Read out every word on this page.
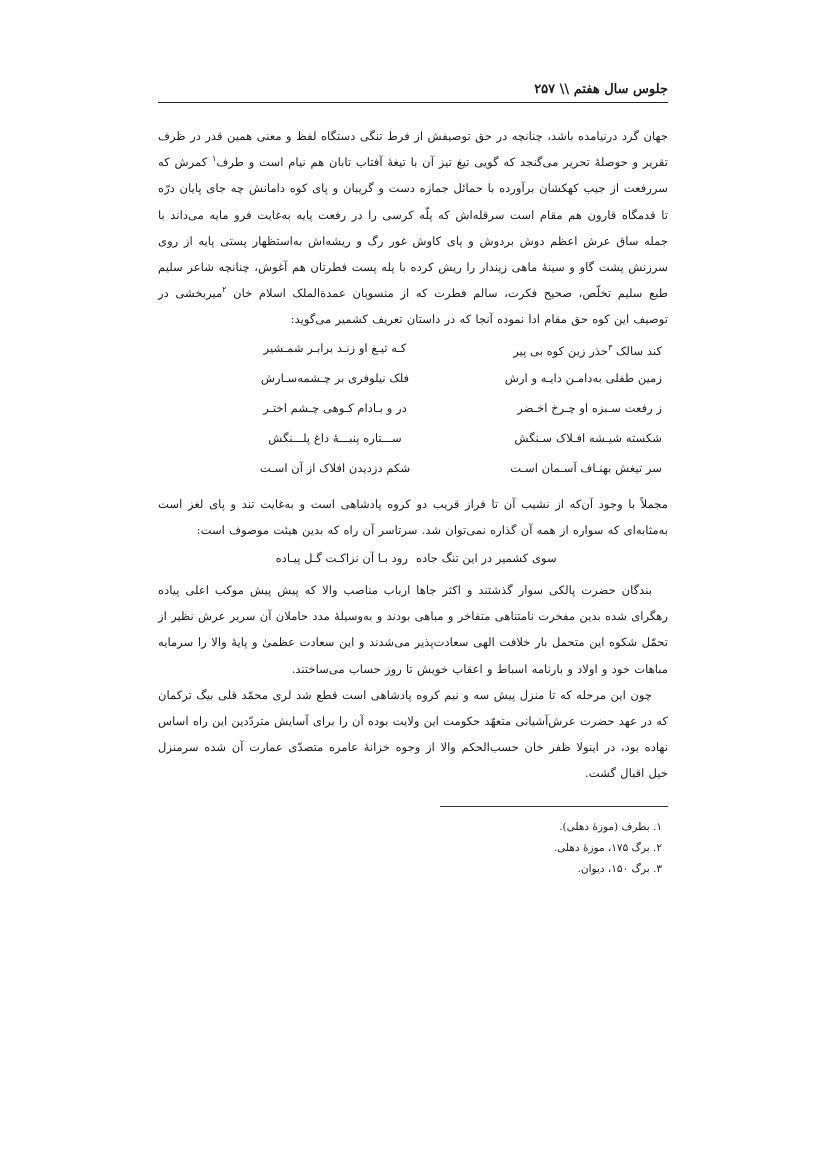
جلوس سال هفتم \\ ۲۵۷

جهان گرد درنیامده باشد، چنانچه در حق توصیفش از فرط تنگی دستگاه لفظ و معنی همین قدر در ظرف تقریر و حوصلهٔ تحریر می‌گنجد که گویی تیغ تیز آن با تیغهٔ آفتاب تابان هم نیام است و طرف$^۱$ کمرش که سررفعت از جیب کهکشان برآورده با حمائل جمازه دست و گریبان و پای کوه دامانش چه جای پایان درّه تا قدمگاه قارون هم مقام است سرقله‌اش که پلّه کرسی را در رفعت پایه به‌غایت فرو مایه می‌داند با جمله ساق عرش اعظم دوش بردوش و پای کاوش غور رگ و ریشه‌اش به‌استظهار پستی پایه از روی سرزنش پشت گاو و سینهٔ ماهی زیندار را ریش کرده با پله پست فطرتان هم آغوش، چنانچه شاعر سلیم طبع سلیم تخلّص، صحیح فکرت، سالم فطرت که از منسوبان عمدةالملک اسلام خان $^۲$میربخشی در توصیف این کوه حق مقام ادا نموده آنجا که در داستان تعریف کشمیر می‌گوید:

کند سالک $^۳$حذر زین کوه بی پیر
کـه تیـغ او زنـد برابـر شمـشیر
زمین طفلی به‌دامـن دایـه و ارش
فلک نیلوفری بر چـشمه‌سـارش
ز رفعت سـبزه او چـرخ اخـضر
در و بـادام کـوهی چـشم اختـر
شکسته شیـشه افـلاک سـنگش
ســـتاره پنبـــهٔ داغ پلـــنگش
سر تیغش بهنـاف آسـمان اسـت
شکم دزدیدن افلاک از آن اسـت

مجملاً با وجود آن‌که از نشیب آن تا فراز قریب دو کروه پادشاهی است و به‌غایت تند و پای لغز است به‌مثابه‌ای که سواره از همه آن گذاره نمی‌توان شد. سرتاسر آن راه که بدین هیئت موصوف است:

سوی کشمیر در این تنگ جاده
رود بـا آن نزاکـت گـل پیـاده

بندگان حضرت پالکی سوار گذشتند و اکثر جاها ارباب مناصب والا که پیش پیش موکب اعلی پیاده رهگرای شده بدین مفخرت نامتناهی متفاخر و مباهی بودند و به‌وسیلهٔ مدد حاملان آن سریر عرش نظیر از تحمّل شکوه این متحمل بار خلافت الهی سعادت‌پذیر می‌شدند و این سعادت عظمیٰ و پایهٔ والا را سرمایه مباهات خود و اولاد و بارنامه اسباط و اعقاب خویش تا روز حساب می‌ساختند.

چون این مرحله که تا منزل پیش سه و نیم کروه پادشاهی است قطع شد لری محمّد قلی بیگ ترکمان که در عهد حضرت عرش‌آشیانی متعهّد حکومت این ولایت بوده آن را برای آسایش متردّدین این راه اساس نهاده بود، در اینولا ظفر خان حسب‌الحکم والا از وجوه خزانهٔ عامره متصدّی عمارت آن شده سرمنزل خیل اقبال گشت.

۱. بطرف (موزهٔ دهلی).
۲. برگ ۱۷۵، موزهٔ دهلی.
۳. برگ ۱۵۰، دیوان.
